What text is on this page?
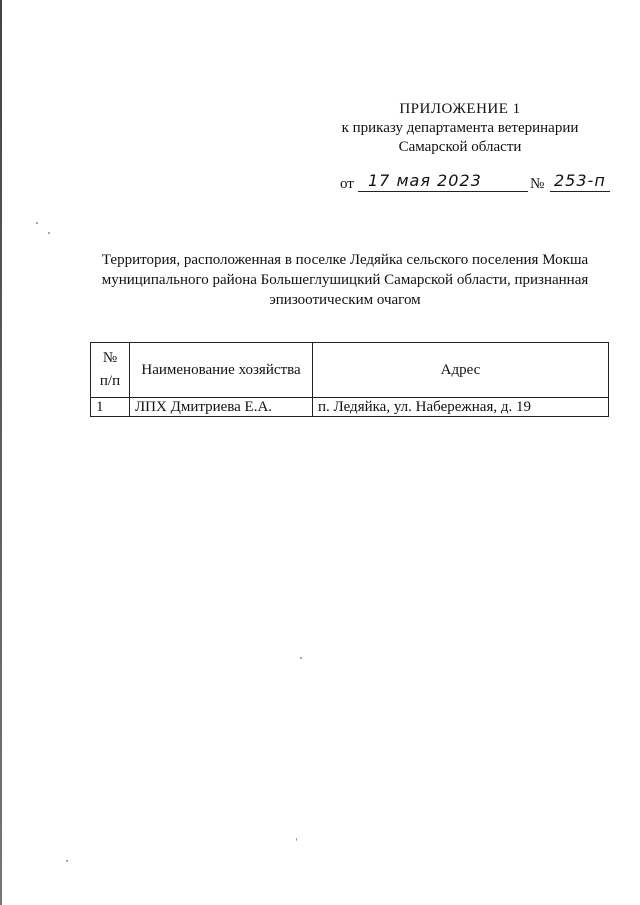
ПРИЛОЖЕНИЕ 1
к приказу департамента ветеринарии
Самарской области
от 17 мая 2023	№ 253-п
Территория, расположенная в поселке Ледяйка сельского поселения Мокша
муниципального района Большеглушицкий Самарской области, признанная
эпизоотическим очагом
№
п/п	Наименование хозяйства	Адрес
1	ЛПХ Дмитриева Е.А.	п. Ледяйка, ул. Набережная, д. 19
